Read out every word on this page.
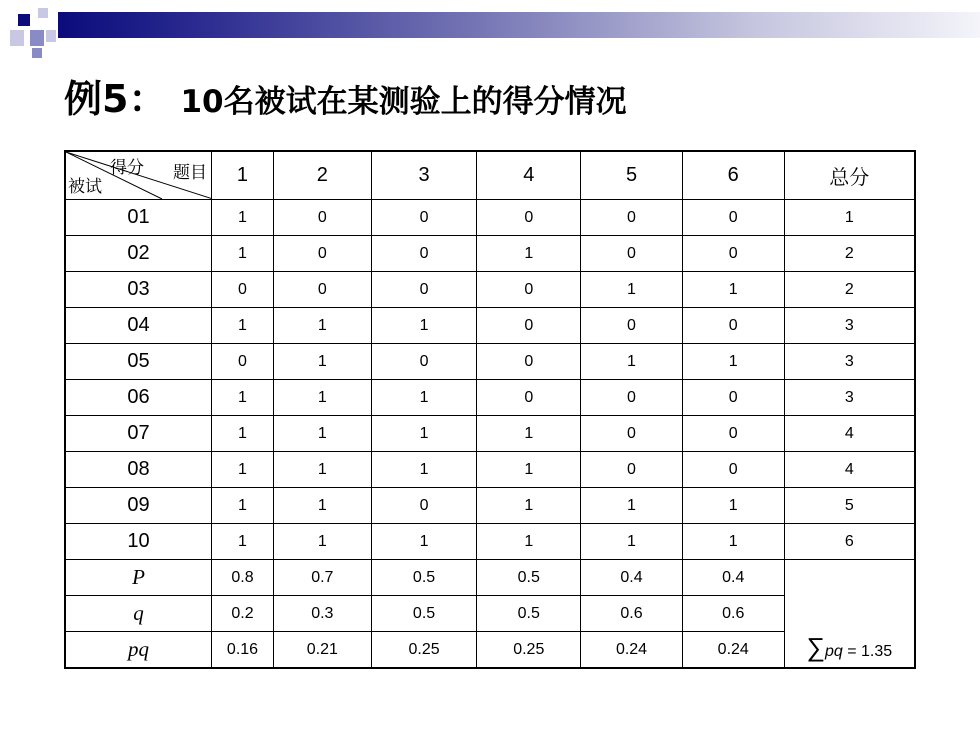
例5： 10名被试在某测验上的得分情况
得分 题目
被试	1	2	3	4	5	6	总分
01	1	0	0	0	0	0	1
02	1	0	0	1	0	0	2
03	0	0	0	0	1	1	2
04	1	1	1	0	0	0	3
05	0	1	0	0	1	1	3
06	1	1	1	0	0	0	3
07	1	1	1	1	0	0	4
08	1	1	1	1	0	0	4
09	1	1	0	1	1	1	5
10	1	1	1	1	1	1	6
P	0.8	0.7	0.5	0.5	0.4	0.4	∑pq = 1.35
q	0.2	0.3	0.5	0.5	0.6	0.6	
pq	0.16	0.21	0.25	0.25	0.24	0.24	
